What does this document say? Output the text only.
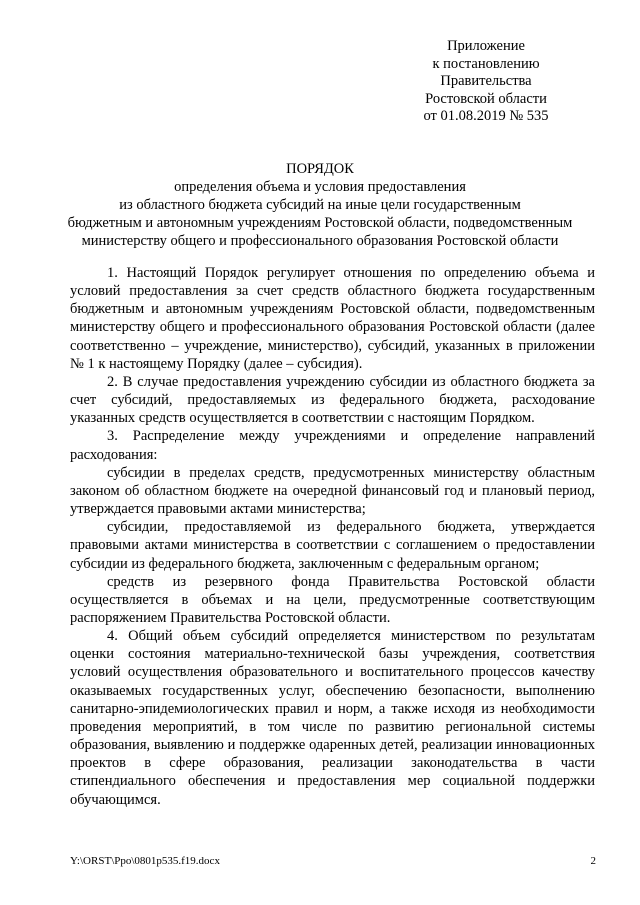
Приложение
к постановлению
Правительства
Ростовской области
от 01.08.2019 № 535
ПОРЯДОК
определения объема и условия предоставления
из областного бюджета субсидий на иные цели государственным
бюджетным и автономным учреждениям Ростовской области, подведомственным
министерству общего и профессионального образования Ростовской области

1. Настоящий Порядок регулирует отношения по определению объема и условий предоставления за счет средств областного бюджета государственным бюджетным и автономным учреждениям Ростовской области, подведомственным министерству общего и профессионального образования Ростовской области (далее соответственно – учреждение, министерство), субсидий, указанных в приложении № 1 к настоящему Порядку (далее – субсидия).

2. В случае предоставления учреждению субсидии из областного бюджета за счет субсидий, предоставляемых из федерального бюджета, расходование указанных средств осуществляется в соответствии с настоящим Порядком.

3. Распределение между учреждениями и определение направлений расходования:

субсидии в пределах средств, предусмотренных министерству областным законом об областном бюджете на очередной финансовый год и плановый период, утверждается правовыми актами министерства;

субсидии, предоставляемой из федерального бюджета, утверждается правовыми актами министерства в соответствии с соглашением о предоставлении субсидии из федерального бюджета, заключенным с федеральным органом;

средств из резервного фонда Правительства Ростовской области осуществляется в объемах и на цели, предусмотренные соответствующим распоряжением Правительства Ростовской области.

4. Общий объем субсидий определяется министерством по результатам оценки состояния материально-технической базы учреждения, соответствия условий осуществления образовательного и воспитательного процессов качеству оказываемых государственных услуг, обеспечению безопасности, выполнению санитарно-эпидемиологических правил и норм, а также исходя из необходимости проведения мероприятий, в том числе по развитию региональной системы образования, выявлению и поддержке одаренных детей, реализации инновационных проектов в сфере образования, реализации законодательства в части стипендиального обеспечения и предоставления мер социальной поддержки обучающимся.

Y:\ORST\Ppo\0801p535.f19.docx	2
